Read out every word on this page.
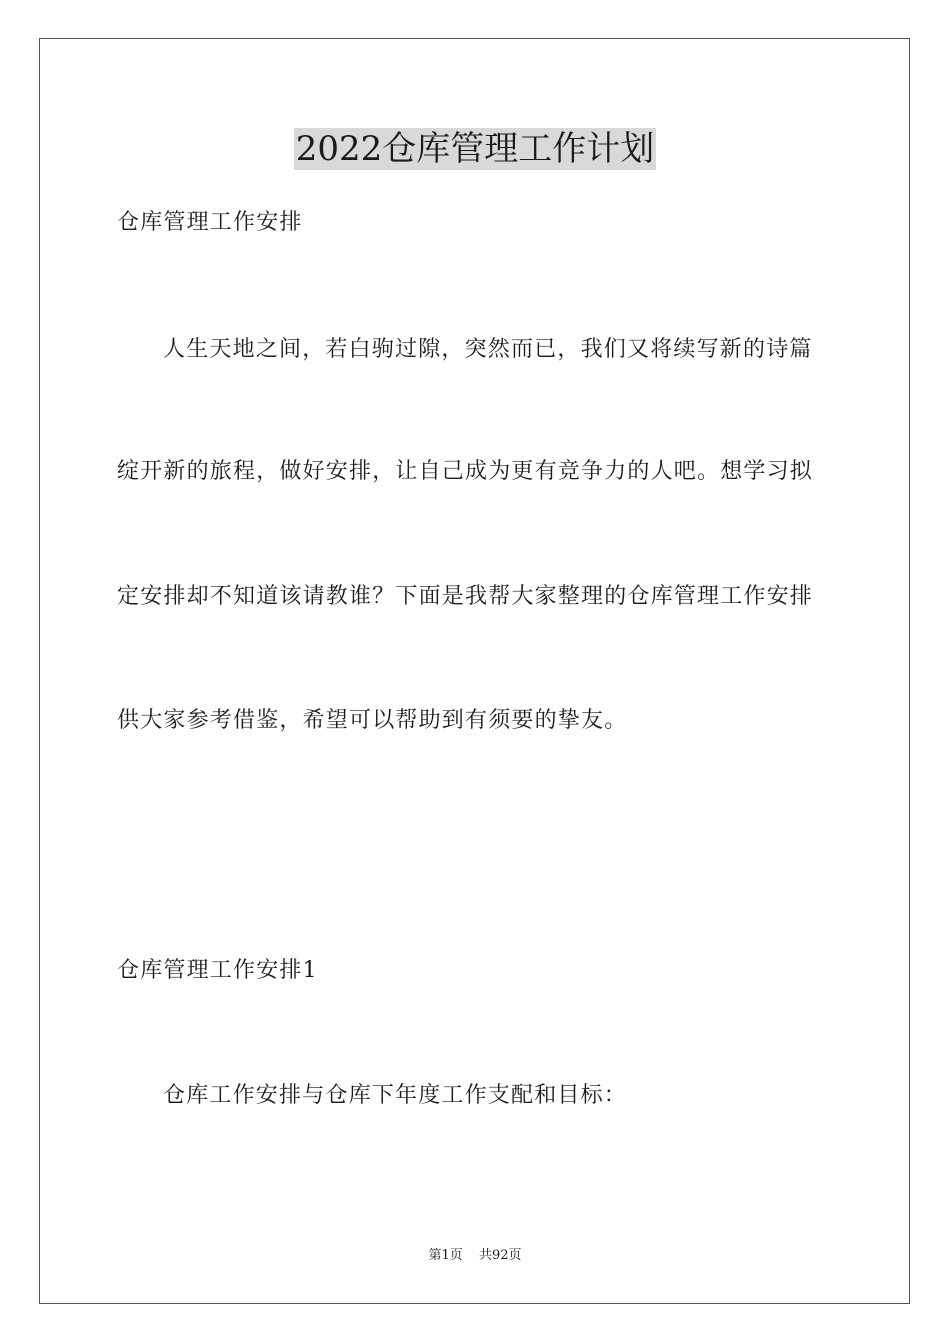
2022仓库管理工作计划
仓库管理工作安排
人生天地之间，若白驹过隙，突然而已，我们又将续写新的诗篇
绽开新的旅程，做好安排，让自己成为更有竞争力的人吧。想学习拟
定安排却不知道该请教谁？下面是我帮大家整理的仓库管理工作安排
供大家参考借鉴，希望可以帮助到有须要的挚友。
仓库管理工作安排1
仓库工作安排与仓库下年度工作支配和目标：
第1页 共92页
